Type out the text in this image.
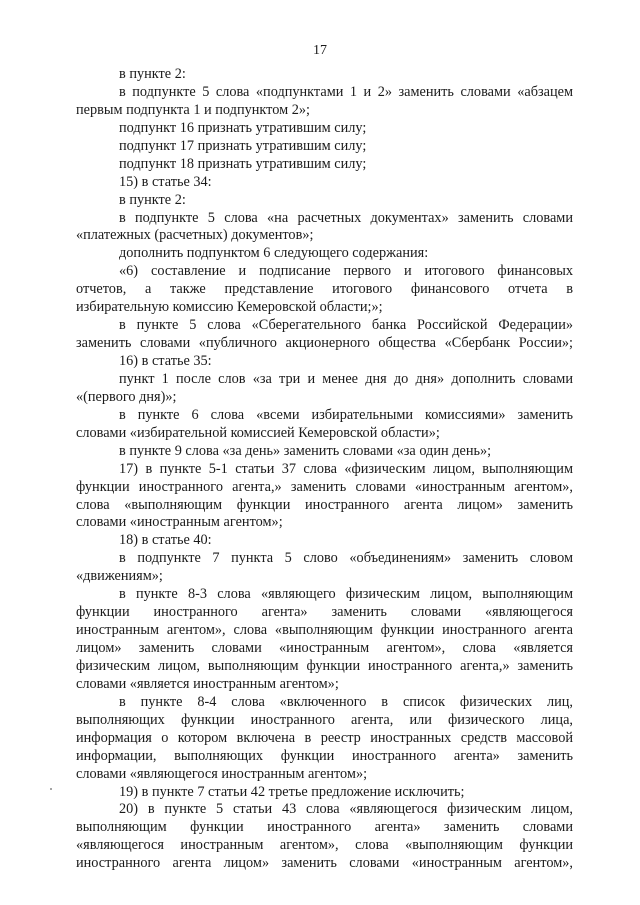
17
в пункте 2:
в подпункте 5 слова «подпунктами 1 и 2» заменить словами «абзацем
первым подпункта 1 и подпунктом 2»;
подпункт 16 признать утратившим силу;
подпункт 17 признать утратившим силу;
подпункт 18 признать утратившим силу;
15) в статье 34:
в пункте 2:
в подпункте 5 слова «на расчетных документах» заменить словами
«платежных (расчетных) документов»;
дополнить подпунктом 6 следующего содержания:
«6) составление и подписание первого и итогового финансовых
отчетов, а также представление итогового финансового отчета в
избирательную комиссию Кемеровской области;»;
в пункте 5 слова «Сберегательного банка Российской Федерации»
заменить словами «публичного акционерного общества «Сбербанк России»;
16) в статье 35:
пункт 1 после слов «за три и менее дня до дня» дополнить словами
«(первого дня)»;
в пункте 6 слова «всеми избирательными комиссиями» заменить
словами «избирательной комиссией Кемеровской области»;
в пункте 9 слова «за день» заменить словами «за один день»;
17) в пункте 5-1 статьи 37 слова «физическим лицом, выполняющим
функции иностранного агента,» заменить словами «иностранным агентом»,
слова «выполняющим функции иностранного агента лицом» заменить
словами «иностранным агентом»;
18) в статье 40:
в подпункте 7 пункта 5 слово «объединениям» заменить словом
«движениям»;
в пункте 8-3 слова «являющего физическим лицом, выполняющим
функции иностранного агента» заменить словами «являющегося
иностранным агентом», слова «выполняющим функции иностранного агента
лицом» заменить словами «иностранным агентом», слова «является
физическим лицом, выполняющим функции иностранного агента,» заменить
словами «является иностранным агентом»;
в пункте 8-4 слова «включенного в список физических лиц,
выполняющих функции иностранного агента, или физического лица,
информация о котором включена в реестр иностранных средств массовой
информации, выполняющих функции иностранного агента» заменить
словами «являющегося иностранным агентом»;
19) в пункте 7 статьи 42 третье предложение исключить;
20) в пункте 5 статьи 43 слова «являющегося физическим лицом,
выполняющим функции иностранного агента» заменить словами
«являющегося иностранным агентом», слова «выполняющим функции
иностранного агента лицом» заменить словами «иностранным агентом»,
